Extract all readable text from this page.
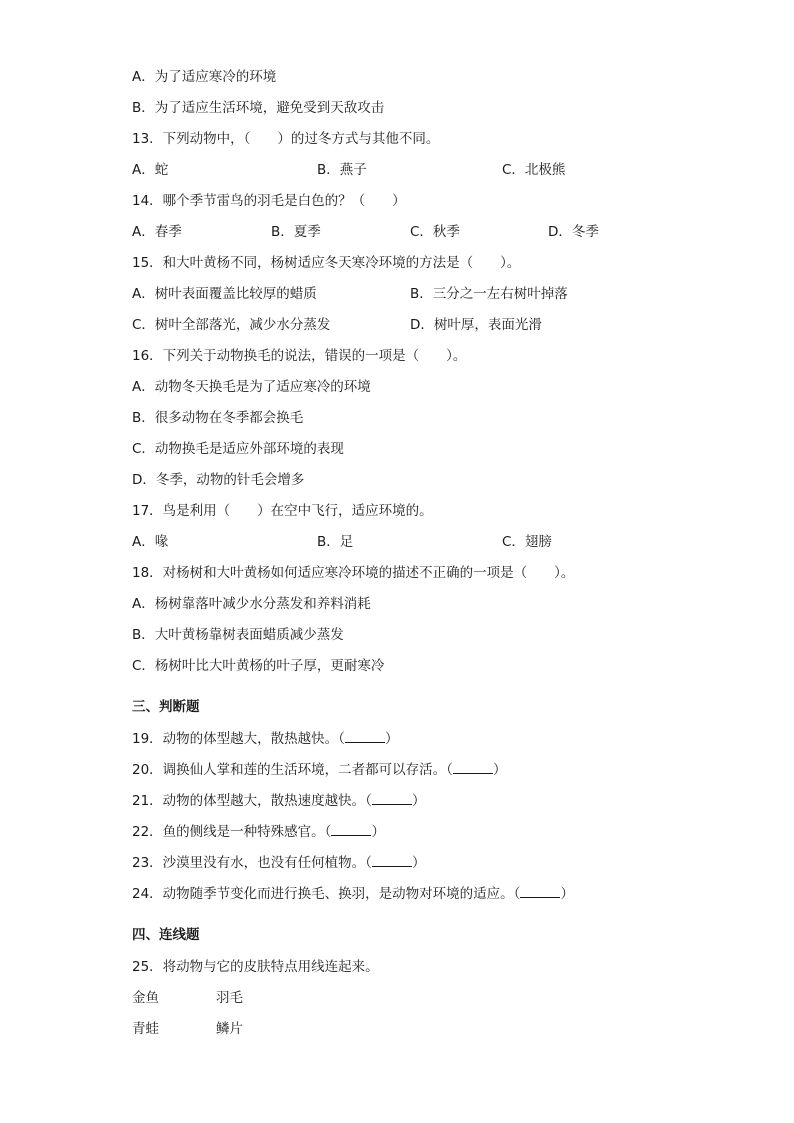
A．为了适应寒冷的环境
B．为了适应生活环境，避免受到天敌攻击
13．下列动物中，（　　）的过冬方式与其他不同。
A．蛇	B．燕子	C．北极熊
14．哪个季节雷鸟的羽毛是白色的？（　　）
A．春季	B．夏季	C．秋季	D．冬季
15．和大叶黄杨不同，杨树适应冬天寒冷环境的方法是（　　）。
A．树叶表面覆盖比较厚的蜡质	B．三分之一左右树叶掉落
C．树叶全部落光，减少水分蒸发	D．树叶厚，表面光滑
16．下列关于动物换毛的说法，错误的一项是（　　）。
A．动物冬天换毛是为了适应寒冷的环境
B．很多动物在冬季都会换毛
C．动物换毛是适应外部环境的表现
D．冬季，动物的针毛会增多
17．鸟是利用（　　）在空中飞行，适应环境的。
A．喙	B．足	C．翅膀
18．对杨树和大叶黄杨如何适应寒冷环境的描述不正确的一项是（　　）。
A．杨树靠落叶减少水分蒸发和养料消耗
B．大叶黄杨靠树表面蜡质减少蒸发
C．杨树叶比大叶黄杨的叶子厚，更耐寒冷
三、判断题
19．动物的体型越大，散热越快。（	）
20．调换仙人掌和莲的生活环境，二者都可以存活。（	）
21．动物的体型越大，散热速度越快。（	）
22．鱼的侧线是一种特殊感官。（	）
23．沙漠里没有水，也没有任何植物。（	）
24．动物随季节变化而进行换毛、换羽，是动物对环境的适应。（	）
四、连线题
25．将动物与它的皮肤特点用线连起来。
金鱼	羽毛
青蛙	鳞片
